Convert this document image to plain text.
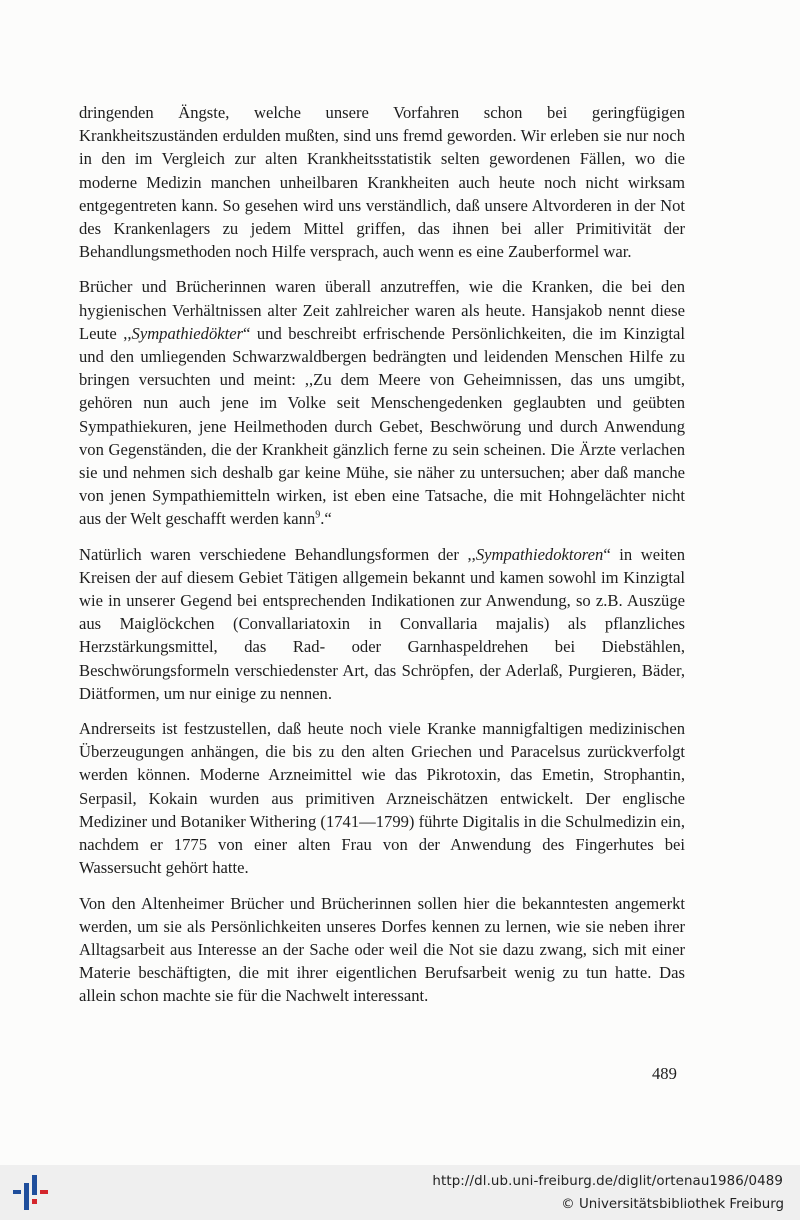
dringenden Ängste, welche unsere Vorfahren schon bei geringfügigen Krankheitszuständen erdulden mußten, sind uns fremd geworden. Wir erleben sie nur noch in den im Vergleich zur alten Krankheitsstatistik selten gewordenen Fällen, wo die moderne Medizin manchen unheilbaren Krankheiten auch heute noch nicht wirksam entgegentreten kann. So gesehen wird uns verständlich, daß unsere Altvorderen in der Not des Krankenlagers zu jedem Mittel griffen, das ihnen bei aller Primitivität der Behandlungsmethoden noch Hilfe versprach, auch wenn es eine Zauberformel war.

Brücher und Brücherinnen waren überall anzutreffen, wie die Kranken, die bei den hygienischen Verhältnissen alter Zeit zahlreicher waren als heute. Hansjakob nennt diese Leute ,,Sympathiedökter“ und beschreibt erfrischende Persönlichkeiten, die im Kinzigtal und den umliegenden Schwarzwaldbergen bedrängten und leidenden Menschen Hilfe zu bringen versuchten und meint: ,,Zu dem Meere von Geheimnissen, das uns umgibt, gehören nun auch jene im Volke seit Menschengedenken geglaubten und geübten Sympathiekuren, jene Heilmethoden durch Gebet, Beschwörung und durch Anwendung von Gegenständen, die der Krankheit gänzlich ferne zu sein scheinen. Die Ärzte verlachen sie und nehmen sich deshalb gar keine Mühe, sie näher zu untersuchen; aber daß manche von jenen Sympathiemitteln wirken, ist eben eine Tatsache, die mit Hohngelächter nicht aus der Welt geschafft werden kann$^9$.“

Natürlich waren verschiedene Behandlungsformen der ,,Sympathiedoktoren“ in weiten Kreisen der auf diesem Gebiet Tätigen allgemein bekannt und kamen sowohl im Kinzigtal wie in unserer Gegend bei entsprechenden Indikationen zur Anwendung, so z.B. Auszüge aus Maiglöckchen (Convallariatoxin in Convallaria majalis) als pflanzliches Herzstärkungsmittel, das Rad- oder Garnhaspeldrehen bei Diebstählen, Beschwörungsformeln verschiedenster Art, das Schröpfen, der Aderlaß, Purgieren, Bäder, Diätformen, um nur einige zu nennen.

Andrerseits ist festzustellen, daß heute noch viele Kranke mannigfaltigen medizinischen Überzeugungen anhängen, die bis zu den alten Griechen und Paracelsus zurückverfolgt werden können. Moderne Arzneimittel wie das Pikrotoxin, das Emetin, Strophantin, Serpasil, Kokain wurden aus primitiven Arzneischätzen entwickelt. Der englische Mediziner und Botaniker Withering (1741—1799) führte Digitalis in die Schulmedizin ein, nachdem er 1775 von einer alten Frau von der Anwendung des Fingerhutes bei Wassersucht gehört hatte.

Von den Altenheimer Brücher und Brücherinnen sollen hier die bekanntesten angemerkt werden, um sie als Persönlichkeiten unseres Dorfes kennen zu lernen, wie sie neben ihrer Alltagsarbeit aus Interesse an der Sache oder weil die Not sie dazu zwang, sich mit einer Materie beschäftigten, die mit ihrer eigentlichen Berufsarbeit wenig zu tun hatte. Das allein schon machte sie für die Nachwelt interessant.

489
http://dl.ub.uni-freiburg.de/diglit/ortenau1986/0489
© Universitätsbibliothek Freiburg
